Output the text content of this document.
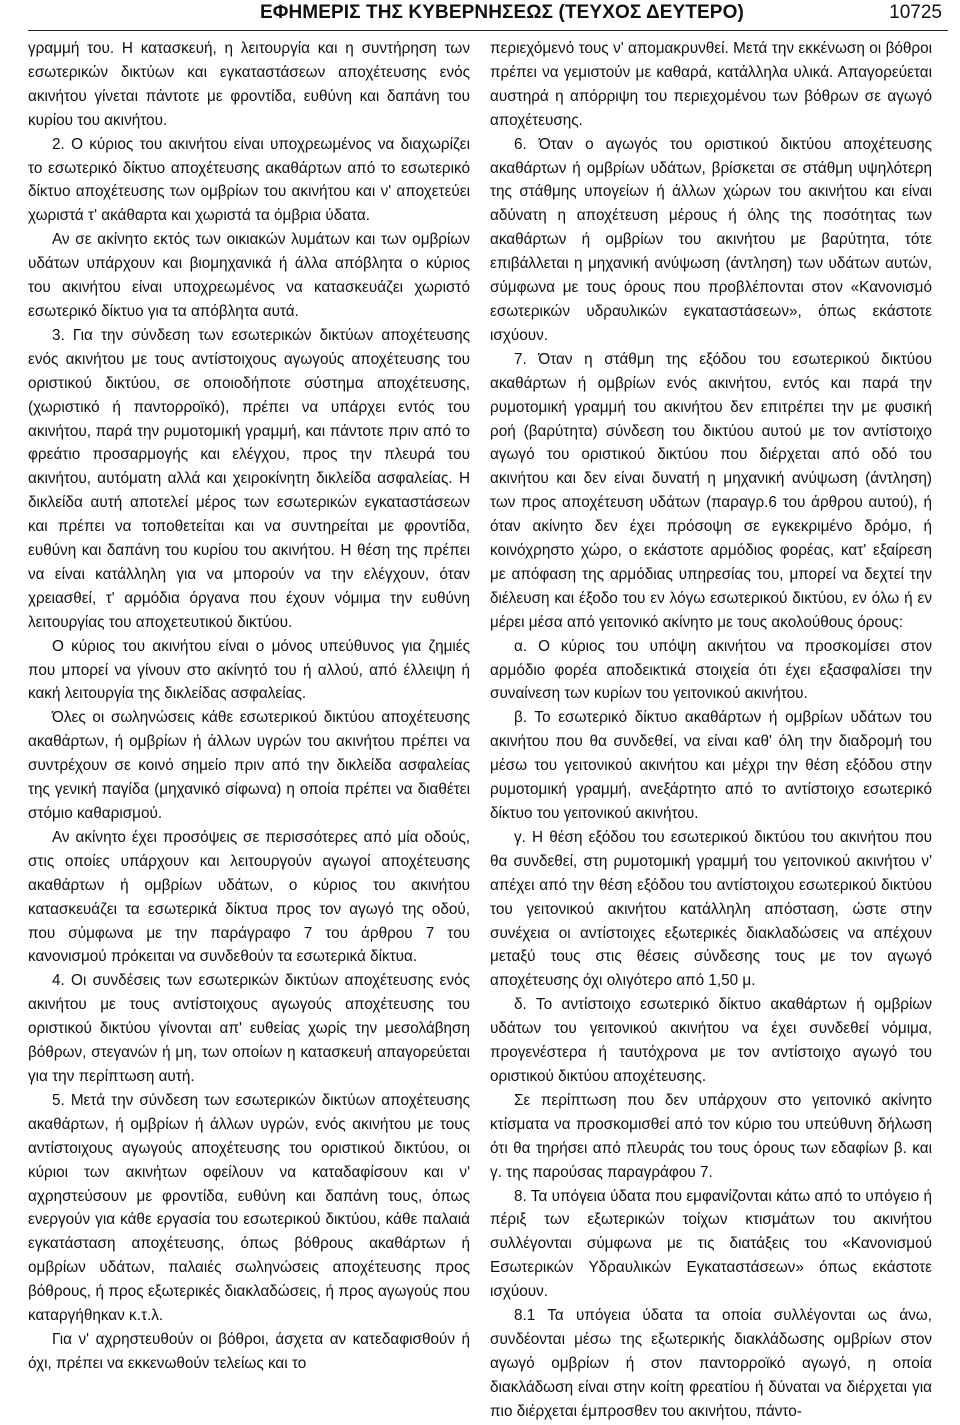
ΕΦΗΜΕΡΙΣ ΤΗΣ ΚΥΒΕΡΝΗΣΕΩΣ (ΤΕΥΧΟΣ ΔΕΥΤΕΡΟ)	10725

γραμμή του. Η κατασκευή, η λειτουργία και η συντήρηση των εσωτερικών δικτύων και εγκαταστάσεων αποχέτευσης ενός ακινήτου γίνεται πάντοτε με φροντίδα, ευθύνη και δαπάνη του κυρίου του ακινήτου.

2. Ο κύριος του ακινήτου είναι υποχρεωμένος να διαχωρίζει το εσωτερικό δίκτυο αποχέτευσης ακαθάρτων από το εσωτερικό δίκτυο αποχέτευσης των ομβρίων του ακινήτου και ν' αποχετεύει χωριστά τ' ακάθαρτα και χωριστά τα όμβρια ύδατα.

Αν σε ακίνητο εκτός των οικιακών λυμάτων και των ομβρίων υδάτων υπάρχουν και βιομηχανικά ή άλλα απόβλητα ο κύριος του ακινήτου είναι υποχρεωμένος να κατασκευάζει χωριστό εσωτερικό δίκτυο για τα απόβλητα αυτά.

3. Για την σύνδεση των εσωτερικών δικτύων αποχέτευσης ενός ακινήτου με τους αντίστοιχους αγωγούς αποχέτευσης του οριστικού δικτύου, σε οποιοδήποτε σύστημα αποχέτευσης, (χωριστικό ή παντορροϊκό), πρέπει να υπάρχει εντός του ακινήτου, παρά την ρυμοτομική γραμμή, και πάντοτε πριν από το φρεάτιο προσαρμογής και ελέγχου, προς την πλευρά του ακινήτου, αυτόματη αλλά και χειροκίνητη δικλείδα ασφαλείας. Η δικλείδα αυτή αποτελεί μέρος των εσωτερικών εγκαταστάσεων και πρέπει να τοποθετείται και να συντηρείται με φροντίδα, ευθύνη και δαπάνη του κυρίου του ακινήτου. Η θέση της πρέπει να είναι κατάλληλη για να μπορούν να την ελέγχουν, όταν χρειασθεί, τ' αρμόδια όργανα που έχουν νόμιμα την ευθύνη λειτουργίας του αποχετευτικού δικτύου.

Ο κύριος του ακινήτου είναι ο μόνος υπεύθυνος για ζημιές που μπορεί να γίνουν στο ακίνητό του ή αλλού, από έλλειψη ή κακή λειτουργία της δικλείδας ασφαλείας.

Όλες οι σωληνώσεις κάθε εσωτερικού δικτύου αποχέτευσης ακαθάρτων, ή ομβρίων ή άλλων υγρών του ακινήτου πρέπει να συντρέχουν σε κοινό σημείο πριν από την δικλείδα ασφαλείας της γενική παγίδα (μηχανικό σίφωνα) η οποία πρέπει να διαθέτει στόμιο καθαρισμού.

Αν ακίνητο έχει προσόψεις σε περισσότερες από μία οδούς, στις οποίες υπάρχουν και λειτουργούν αγωγοί αποχέτευσης ακαθάρτων ή ομβρίων υδάτων, ο κύριος του ακινήτου κατασκευάζει τα εσωτερικά δίκτυα προς τον αγωγό της οδού, που σύμφωνα με την παράγραφο 7 του άρθρου 7 του κανονισμού πρόκειται να συνδεθούν τα εσωτερικά δίκτυα.

4. Οι συνδέσεις των εσωτερικών δικτύων αποχέτευσης ενός ακινήτου με τους αντίστοιχους αγωγούς αποχέτευσης του οριστικού δικτύου γίνονται απ' ευθείας χωρίς την μεσολάβηση βόθρων, στεγανών ή μη, των οποίων η κατασκευή απαγορεύεται για την περίπτωση αυτή.

5. Μετά την σύνδεση των εσωτερικών δικτύων αποχέτευσης ακαθάρτων, ή ομβρίων ή άλλων υγρών, ενός ακινήτου με τους αντίστοιχους αγωγούς αποχέτευσης του οριστικού δικτύου, οι κύριοι των ακινήτων οφείλουν να καταδαφίσουν και ν' αχρηστεύσουν με φροντίδα, ευθύνη και δαπάνη τους, όπως ενεργούν για κάθε εργασία του εσωτερικού δικτύου, κάθε παλαιά εγκατάσταση αποχέτευσης, όπως βόθρους ακαθάρτων ή ομβρίων υδάτων, παλαιές σωληνώσεις αποχέτευσης προς βόθρους, ή προς εξωτερικές διακλαδώσεις, ή προς αγωγούς που καταργήθηκαν κ.τ.λ.

Για ν' αχρηστευθούν οι βόθροι, άσχετα αν κατεδαφισθούν ή όχι, πρέπει να εκκενωθούν τελείως και το

περιεχόμενό τους ν' απομακρυνθεί. Μετά την εκκένωση οι βόθροι πρέπει να γεμιστούν με καθαρά, κατάλληλα υλικά. Απαγορεύεται αυστηρά η απόρριψη του περιεχομένου των βόθρων σε αγωγό αποχέτευσης.

6. Όταν ο αγωγός του οριστικού δικτύου αποχέτευσης ακαθάρτων ή ομβρίων υδάτων, βρίσκεται σε στάθμη υψηλότερη της στάθμης υπογείων ή άλλων χώρων του ακινήτου και είναι αδύνατη η αποχέτευση μέρους ή όλης της ποσότητας των ακαθάρτων ή ομβρίων του ακινήτου με βαρύτητα, τότε επιβάλλεται η μηχανική ανύψωση (άντληση) των υδάτων αυτών, σύμφωνα με τους όρους που προβλέπονται στον «Κανονισμό εσωτερικών υδραυλικών εγκαταστάσεων», όπως εκάστοτε ισχύουν.

7. Όταν η στάθμη της εξόδου του εσωτερικού δικτύου ακαθάρτων ή ομβρίων ενός ακινήτου, εντός και παρά την ρυμοτομική γραμμή του ακινήτου δεν επιτρέπει την με φυσική ροή (βαρύτητα) σύνδεση του δικτύου αυτού με τον αντίστοιχο αγωγό του οριστικού δικτύου που διέρχεται από οδό του ακινήτου και δεν είναι δυνατή η μηχανική ανύψωση (άντληση) των προς αποχέτευση υδάτων (παραγρ.6 του άρθρου αυτού), ή όταν ακίνητο δεν έχει πρόσοψη σε εγκεκριμένο δρόμο, ή κοινόχρηστο χώρο, ο εκάστοτε αρμόδιος φορέας, κατ' εξαίρεση με απόφαση της αρμόδιας υπηρεσίας του, μπορεί να δεχτεί την διέλευση και έξοδο του εν λόγω εσωτερικού δικτύου, εν όλω ή εν μέρει μέσα από γειτονικό ακίνητο με τους ακολούθους όρους:

α. Ο κύριος του υπόψη ακινήτου να προσκομίσει στον αρμόδιο φορέα αποδεικτικά στοιχεία ότι έχει εξασφαλίσει την συναίνεση των κυρίων του γειτονικού ακινήτου.

β. Το εσωτερικό δίκτυο ακαθάρτων ή ομβρίων υδάτων του ακινήτου που θα συνδεθεί, να είναι καθ' όλη την διαδρομή του μέσω του γειτονικού ακινήτου και μέχρι την θέση εξόδου στην ρυμοτομική γραμμή, ανεξάρτητο από το αντίστοιχο εσωτερικό δίκτυο του γειτονικού ακινήτου.

γ. Η θέση εξόδου του εσωτερικού δικτύου του ακινήτου που θα συνδεθεί, στη ρυμοτομική γραμμή του γειτονικού ακινήτου ν' απέχει από την θέση εξόδου του αντίστοιχου εσωτερικού δικτύου του γειτονικού ακινήτου κατάλληλη απόσταση, ώστε στην συνέχεια οι αντίστοιχες εξωτερικές διακλαδώσεις να απέχουν μεταξύ τους στις θέσεις σύνδεσης τους με τον αγωγό αποχέτευσης όχι ολιγότερο από 1,50 μ.

δ. Το αντίστοιχο εσωτερικό δίκτυο ακαθάρτων ή ομβρίων υδάτων του γειτονικού ακινήτου να έχει συνδεθεί νόμιμα, προγενέστερα ή ταυτόχρονα με τον αντίστοιχο αγωγό του οριστικού δικτύου αποχέτευσης.

Σε περίπτωση που δεν υπάρχουν στο γειτονικό ακίνητο κτίσματα να προσκομισθεί από τον κύριο του υπεύθυνη δήλωση ότι θα τηρήσει από πλευράς του τους όρους των εδαφίων β. και γ. της παρούσας παραγράφου 7.

8. Τα υπόγεια ύδατα που εμφανίζονται κάτω από το υπόγειο ή πέριξ των εξωτερικών τοίχων κτισμάτων του ακινήτου συλλέγονται σύμφωνα με τις διατάξεις του «Κανονισμού Εσωτερικών Υδραυλικών Εγκαταστάσεων» όπως εκάστοτε ισχύουν.

8.1 Τα υπόγεια ύδατα τα οποία συλλέγονται ως άνω, συνδέονται μέσω της εξωτερικής διακλάδωσης ομβρίων στον αγωγό ομβρίων ή στον παντορροϊκό αγωγό, η οποία διακλάδωση είναι στην κοίτη φρεατίου ή δύναται να διέρχεται για πιο διέρχεται έμπροσθεν του ακινήτου, πάντο-
